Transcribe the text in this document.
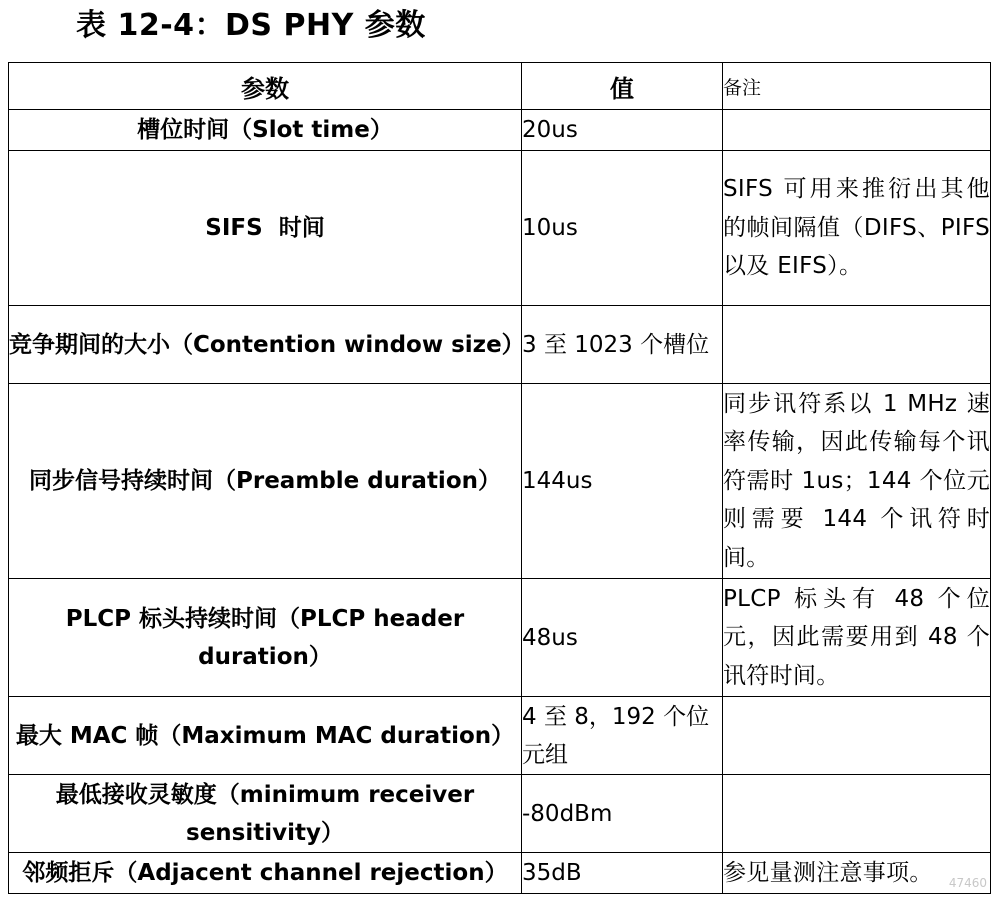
表 12-4：DS PHY 参数
参数	值	备注
槽位时间（Slot time）	20us	
SIFS  时间	10us	SIFS 可用来推衍出其他的帧间隔值（DIFS、PIFS 以及 EIFS）。
竞争期间的大小（Contention window size）	3 至 1023 个槽位	
同步信号持续时间（Preamble duration）	144us	同步讯符系以 1 MHz 速率传输，因此传输每个讯符需时 1us；144 个位元则需要 144 个讯符时间。
PLCP 标头持续时间（PLCP header duration）	48us	PLCP 标头有 48 个位元，因此需要用到 48 个讯符时间。
最大 MAC 帧（Maximum MAC duration）	4 至 8，192 个位元组	
最低接收灵敏度（minimum receiver sensitivity）	-80dBm	
邻频拒斥（Adjacent channel rejection）	35dB	参见量测注意事项。 47460
